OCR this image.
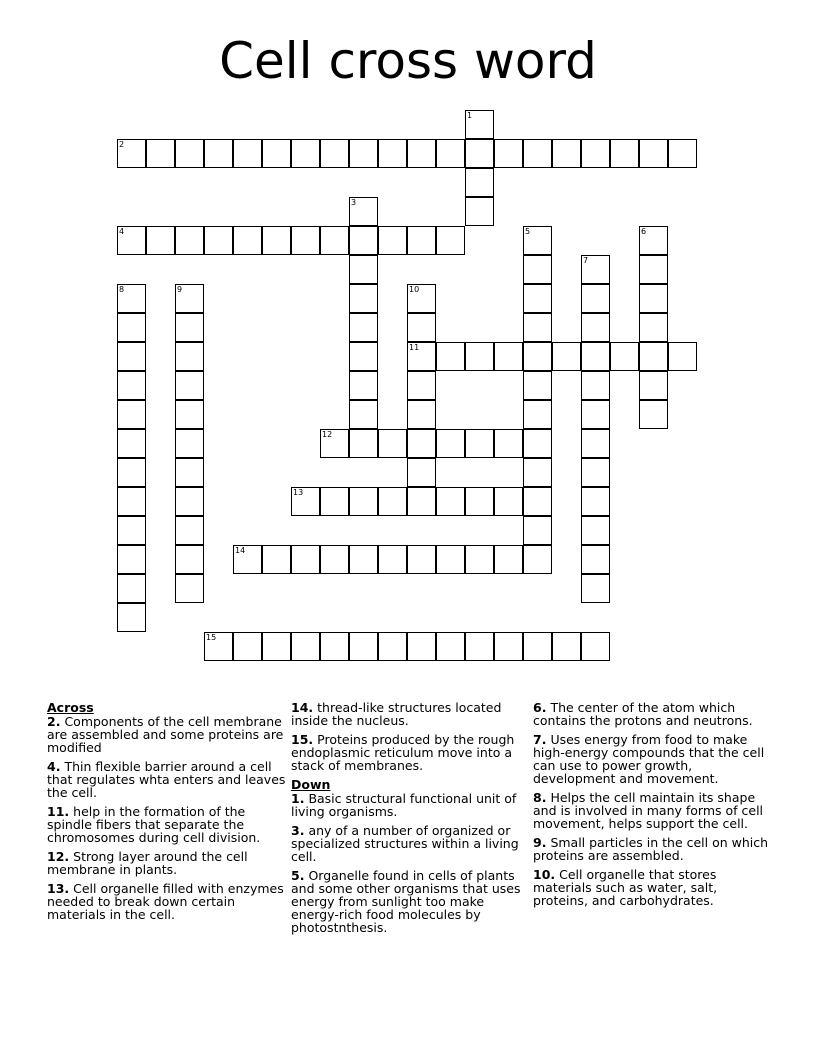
Cell cross word
1
2
3
4	5	6
7
8	9	10
11
12
13
14
15
Across
2. Components of the cell membrane are assembled and some proteins are modified
4. Thin flexible barrier around a cell that regulates whta enters and leaves the cell.
11. help in the formation of the spindle fibers that separate the chromosomes during cell division.
12. Strong layer around the cell membrane in plants.
13. Cell organelle filled with enzymes needed to break down certain materials in the cell.
14. thread-like structures located inside the nucleus.
15. Proteins produced by the rough endoplasmic reticulum move into a stack of membranes.
Down
1. Basic structural functional unit of living organisms.
3. any of a number of organized or specialized structures within a living cell.
5. Organelle found in cells of plants and some other organisms that uses energy from sunlight too make energy-rich food molecules by photostnthesis.
6. The center of the atom which contains the protons and neutrons.
7. Uses energy from food to make high-energy compounds that the cell can use to power growth, development and movement.
8. Helps the cell maintain its shape and is involved in many forms of cell movement, helps support the cell.
9. Small particles in the cell on which proteins are assembled.
10. Cell organelle that stores materials such as water, salt, proteins, and carbohydrates.
